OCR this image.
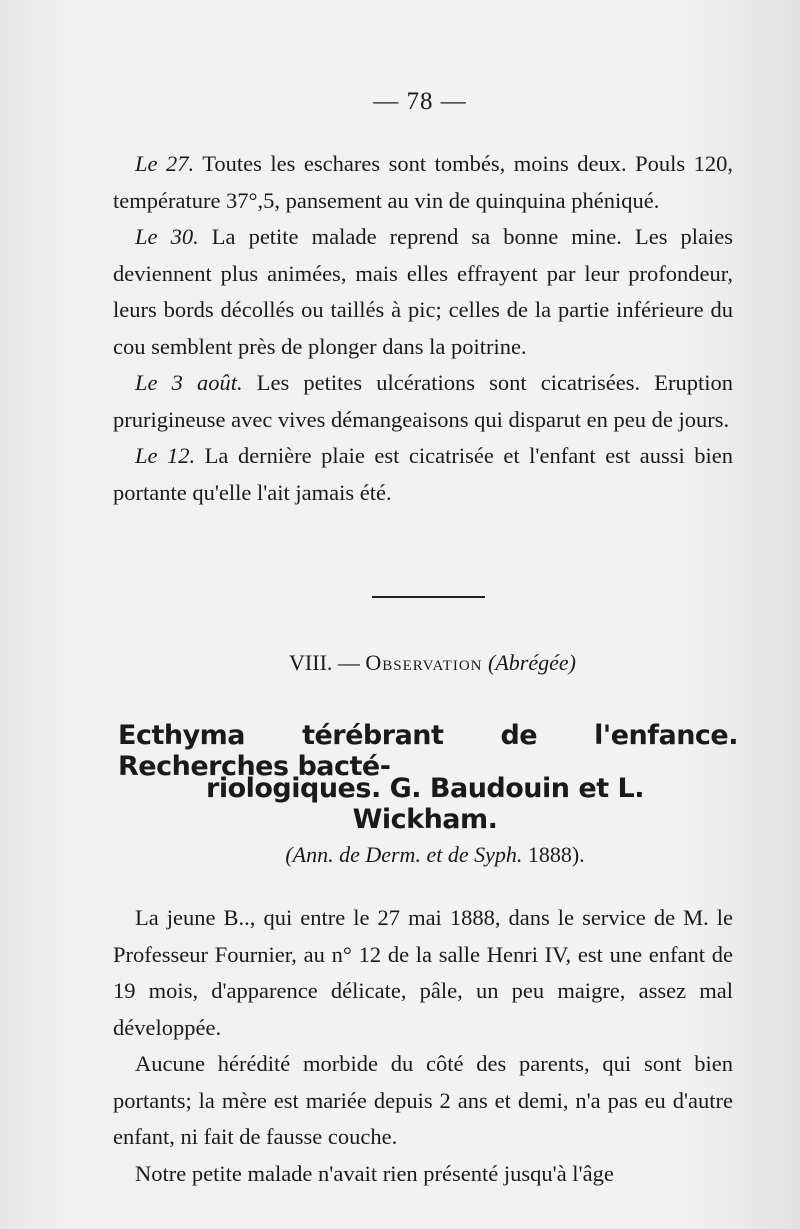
— 78 —

Le 27. Toutes les eschares sont tombés, moins deux. Pouls 120, température 37°,5, pansement au vin de quinquina phéniqué.

Le 30. La petite malade reprend sa bonne mine. Les plaies deviennent plus animées, mais elles effrayent par leur profondeur, leurs bords décollés ou taillés à pic; celles de la partie inférieure du cou semblent près de plonger dans la poitrine.

Le 3 août. Les petites ulcérations sont cicatrisées. Eruption prurigineuse avec vives démangeaisons qui disparut en peu de jours.

Le 12. La dernière plaie est cicatrisée et l'enfant est aussi bien portante qu'elle l'ait jamais été.

VIII. — Observation (Abrégée)
Ecthyma térébrant de l'enfance. Recherches bacté-
riologiques. G. Baudouin et L. Wickham.
(Ann. de Derm. et de Syph. 1888).

La jeune B.., qui entre le 27 mai 1888, dans le service de M. le Professeur Fournier, au n° 12 de la salle Henri IV, est une enfant de 19 mois, d'apparence délicate, pâle, un peu maigre, assez mal développée.

Aucune hérédité morbide du côté des parents, qui sont bien portants; la mère est mariée depuis 2 ans et demi, n'a pas eu d'autre enfant, ni fait de fausse couche.

Notre petite malade n'avait rien présenté jusqu'à l'âge
